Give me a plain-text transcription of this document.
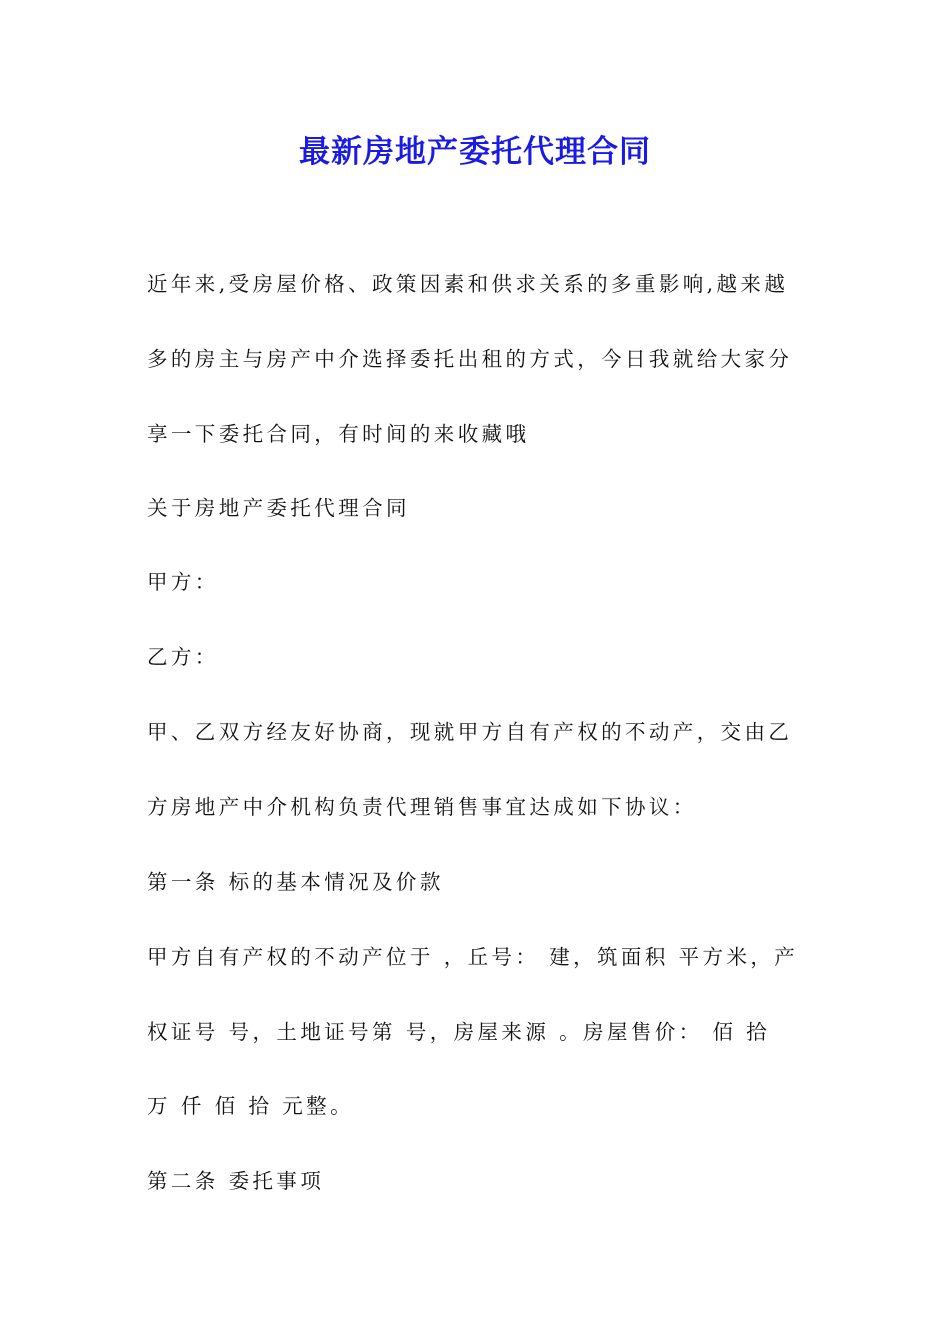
最新房地产委托代理合同
近年来,受房屋价格、政策因素和供求关系的多重影响,越来越
多的房主与房产中介选择委托出租的方式，今日我就给大家分
享一下委托合同，有时间的来收藏哦
关于房地产委托代理合同
甲方：
乙方：
甲、乙双方经友好协商，现就甲方自有产权的不动产，交由乙
方房地产中介机构负责代理销售事宜达成如下协议：
第一条 标的基本情况及价款
甲方自有产权的不动产位于 ，丘号： 建，筑面积 平方米，产
权证号 号，土地证号第 号，房屋来源 。房屋售价： 佰 拾
万 仟 佰 拾 元整。
第二条 委托事项
